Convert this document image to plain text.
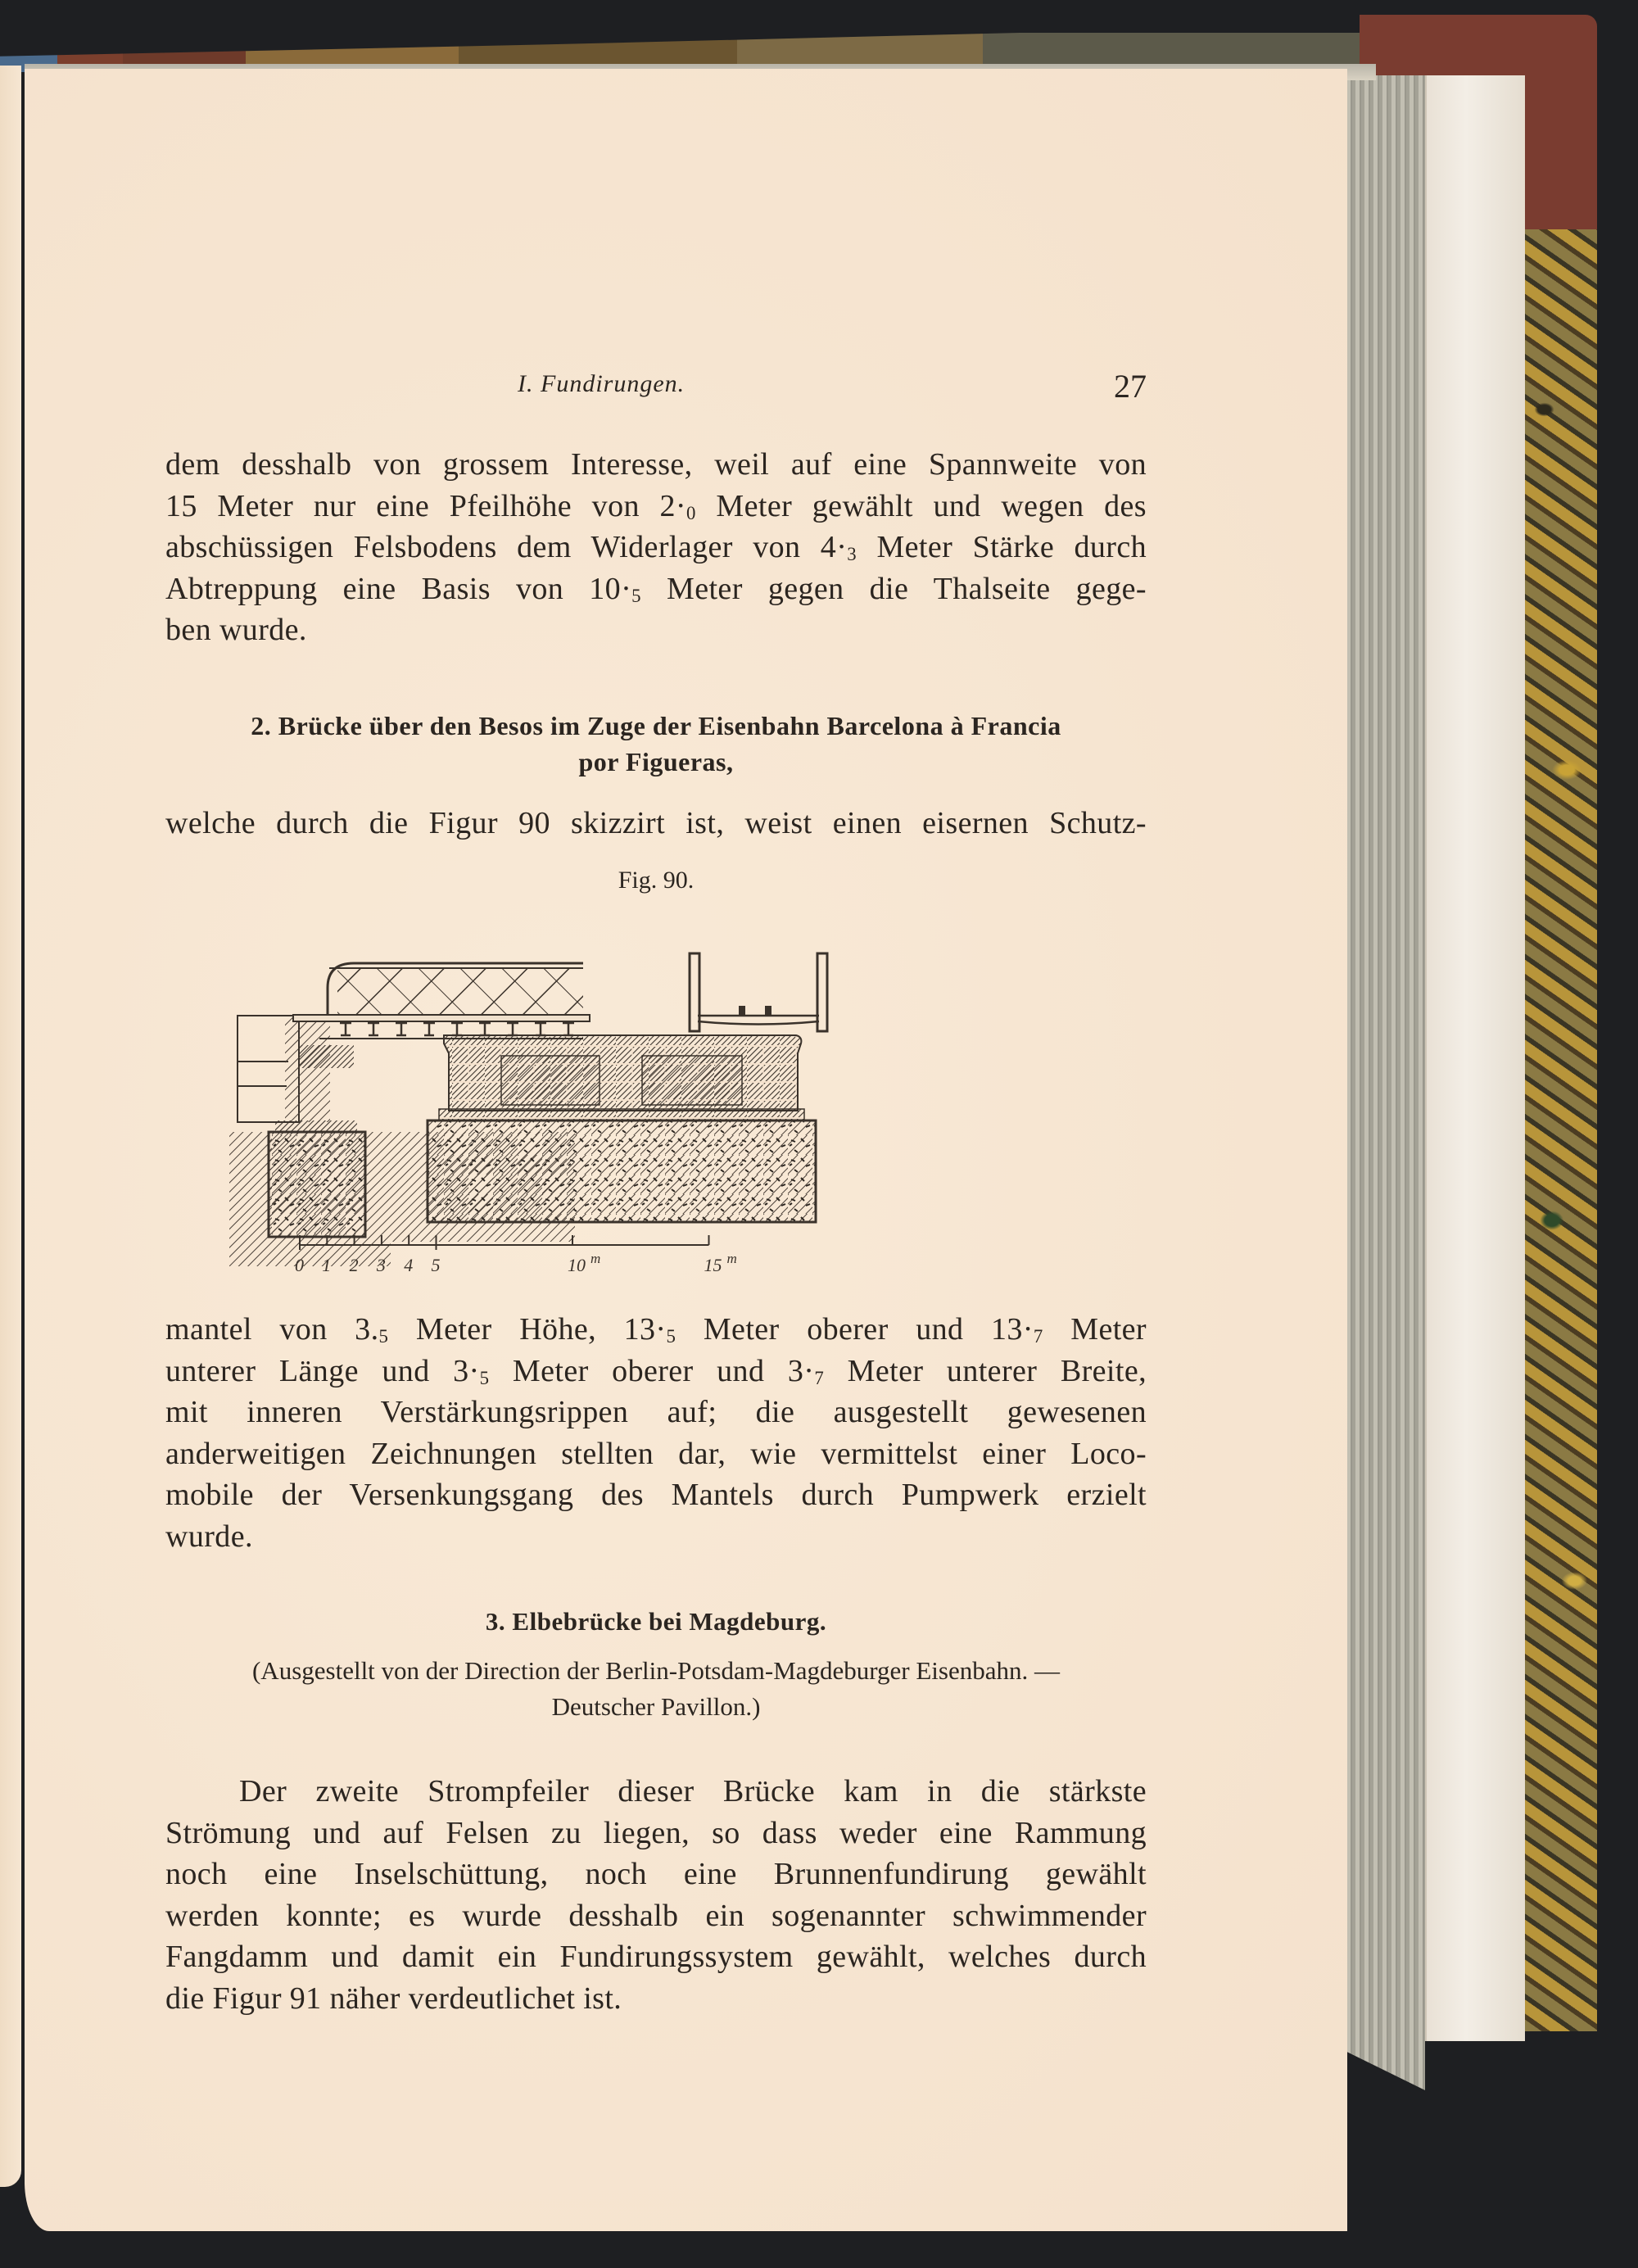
I. Fundirungen.	27
dem desshalb von grossem Interesse, weil auf eine Spannweite von
15 Meter nur eine Pfeilhöhe von $2\cdot_0$ Meter gewählt und wegen des
abschüssigen Felsbodens dem Widerlager von $4\cdot_3$ Meter Stärke durch
Abtreppung eine Basis von $10\cdot_5$ Meter gegen die Thalseite gege-
ben wurde.
2. Brücke über den Besos im Zuge der Eisenbahn Barcelona à Francia
por Figueras,
welche durch die Figur 90 skizzirt ist, weist einen eisernen Schutz-
Fig. 90.
mantel von $3._5$ Meter Höhe, $13\cdot_5$ Meter oberer und $13\cdot_7$ Meter
unterer Länge und $3\cdot_5$ Meter oberer und $3\cdot_7$ Meter unterer Breite,
mit inneren Verstärkungsrippen auf; die ausgestellt gewesenen
anderweitigen Zeichnungen stellten dar, wie vermittelst einer Loco-
mobile der Versenkungsgang des Mantels durch Pumpwerk erzielt
wurde.
3. Elbebrücke bei Magdeburg.
(Ausgestellt von der Direction der Berlin-Potsdam-Magdeburger Eisenbahn. —
Deutscher Pavillon.)
Der zweite Strompfeiler dieser Brücke kam in die stärkste
Strömung und auf Felsen zu liegen, so dass weder eine Rammung
noch eine Inselschüttung, noch eine Brunnenfundirung gewählt
werden konnte; es wurde desshalb ein sogenannter schwimmender
Fangdamm und damit ein Fundirungssystem gewählt, welches durch
die Figur 91 näher verdeutlichet ist.
0 1 2 3 4 5	10	15
m	m
